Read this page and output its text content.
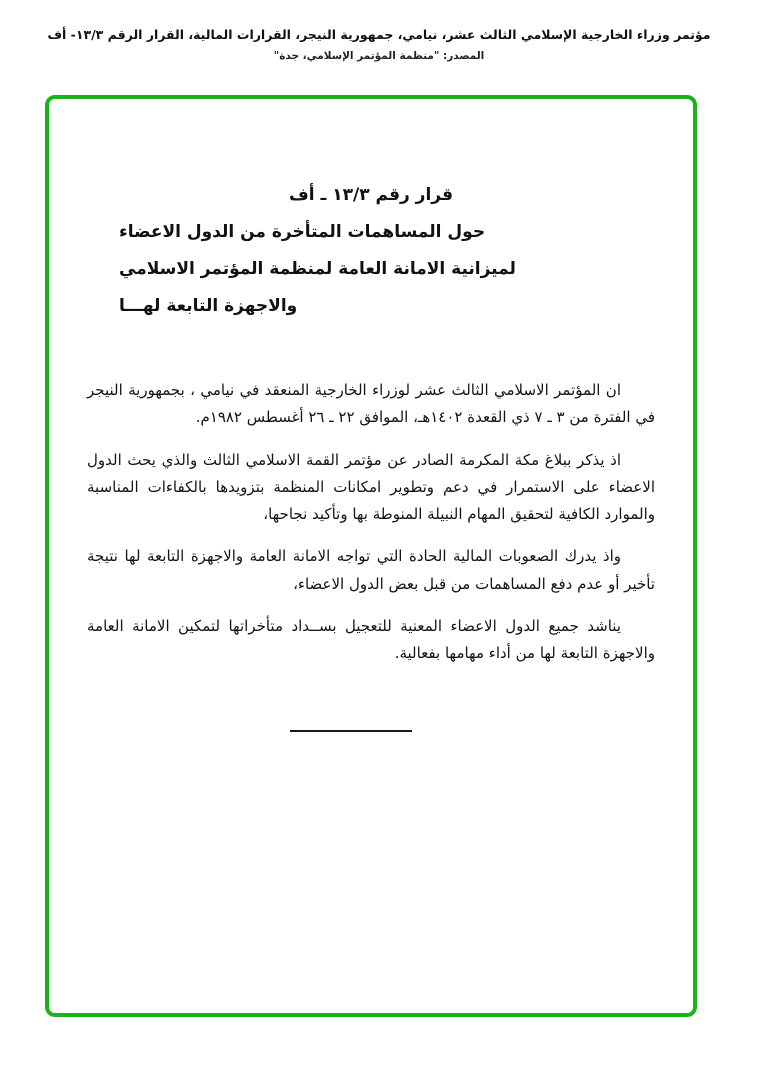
مؤتمر وزراء الخارجية الإسلامي الثالث عشر، نيامي، جمهورية النيجر، القرارات المالية، القرار الرقم ١٣/٣- أف
المصدر: "منظمة المؤتمر الإسلامي، جدة"
قرار رقم ١٣/٣ ـ أف
حول المساهمات المتأخرة من الدول الاعضاء
لميزانية الامانة العامة لمنظمة المؤتمر الاسلامي
والاجهزة التابعة لهـــا

ان المؤتمر الاسلامي الثالث عشر لوزراء الخارجية المنعقد في نيامي ، بجمهورية النيجر في الفترة من ٣ ـ ٧ ذي القعدة ١٤٠٢هـ، الموافق ٢٢ ـ ٢٦ أغسطس ١٩٨٢م.

اذ يذكر ببلاغ مكة المكرمة الصادر عن مؤتمر القمة الاسلامي الثالث والذي يحث الدول الاعضاء على الاستمرار في دعم وتطوير امكانات المنظمة بتزويدها بالكفاءات المناسبة والموارد الكافية لتحقيق المهام النبيلة المنوطة بها وتأكيد نجاحها،

واذ يدرك الصعوبات المالية الحادة التي تواجه الامانة العامة والاجهزة التابعة لها نتيجة تأخير أو عدم دفع المساهمات من قبل بعض الدول الاعضاء،

يناشد جميع الدول الاعضاء المعنية للتعجيل بســداد متأخراتها لتمكين الامانة العامة والاجهزة التابعة لها من أداء مهامها بفعالية.
